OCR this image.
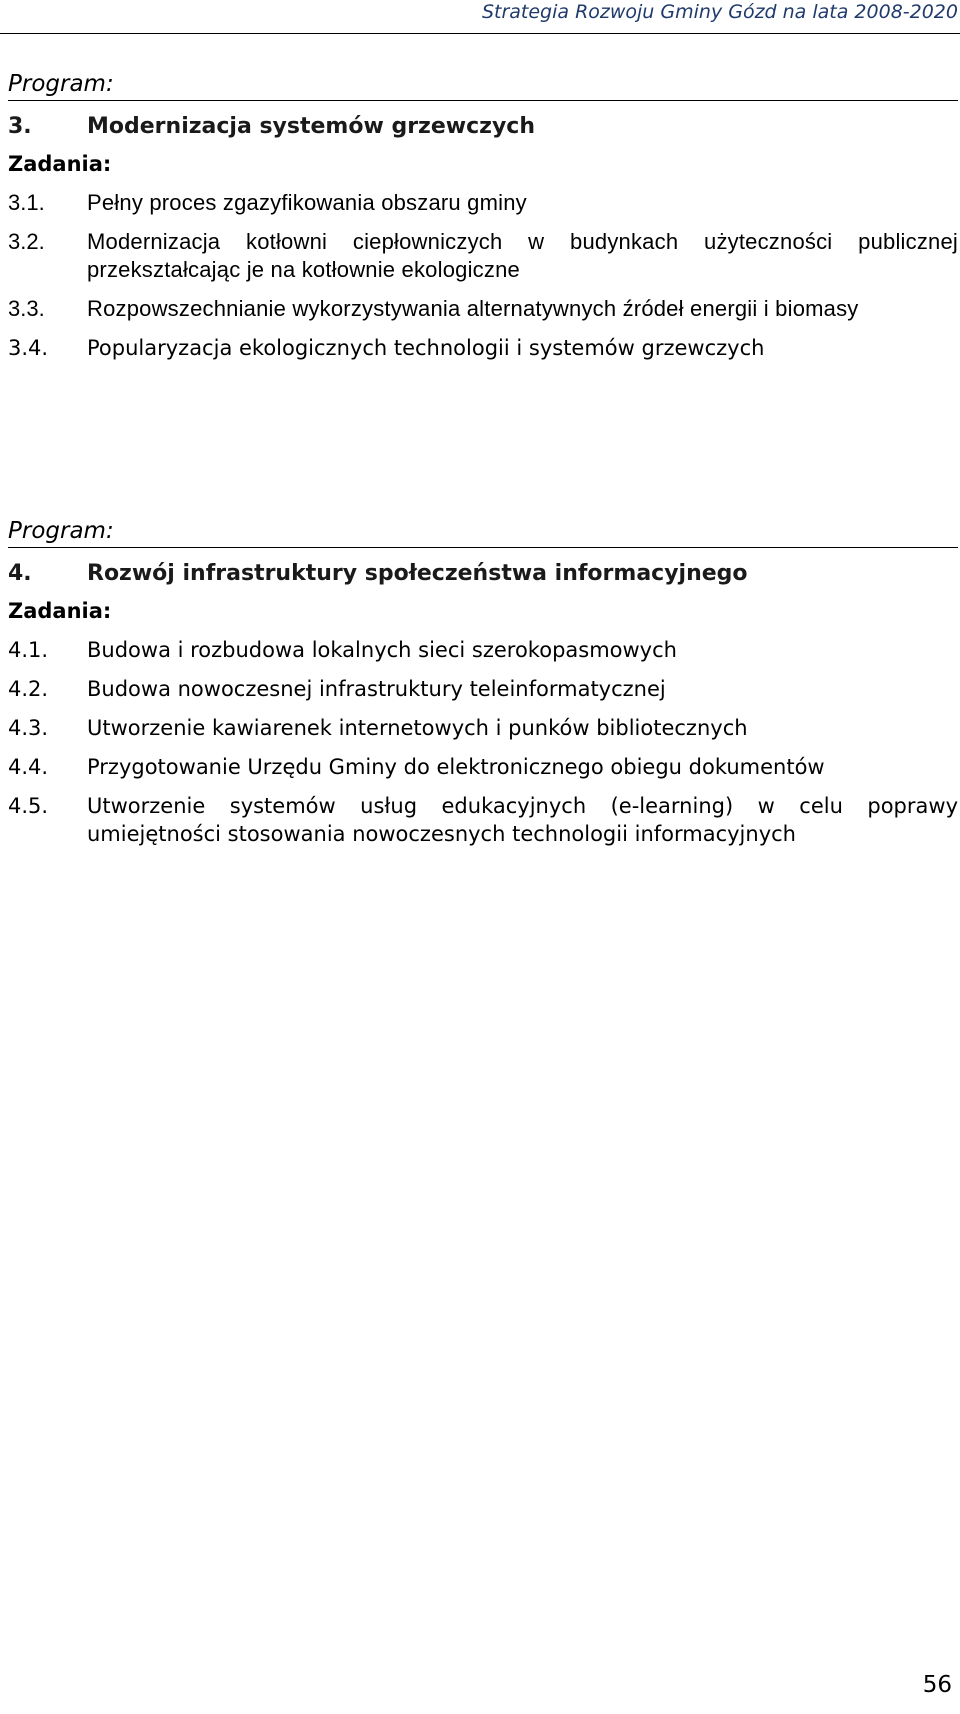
Strategia Rozwoju Gminy Gózd na lata 2008-2020
Program:
3.	Modernizacja systemów grzewczych
Zadania:
3.1.	Pełny proces zgazyfikowania obszaru gminy
3.2.	Modernizacja kotłowni ciepłowniczych w budynkach użyteczności publicznej przekształcając je na kotłownie ekologiczne
3.3.	Rozpowszechnianie wykorzystywania alternatywnych źródeł energii i biomasy
3.4.	Popularyzacja ekologicznych technologii i systemów grzewczych
Program:
4.	Rozwój infrastruktury społeczeństwa informacyjnego
Zadania:
4.1.	Budowa i rozbudowa lokalnych sieci szerokopasmowych
4.2.	Budowa nowoczesnej infrastruktury teleinformatycznej
4.3.	Utworzenie kawiarenek internetowych i punków bibliotecznych
4.4.	Przygotowanie Urzędu Gminy do elektronicznego obiegu dokumentów
4.5.	Utworzenie systemów usług edukacyjnych (e-learning) w celu poprawy umiejętności stosowania nowoczesnych technologii informacyjnych
56
